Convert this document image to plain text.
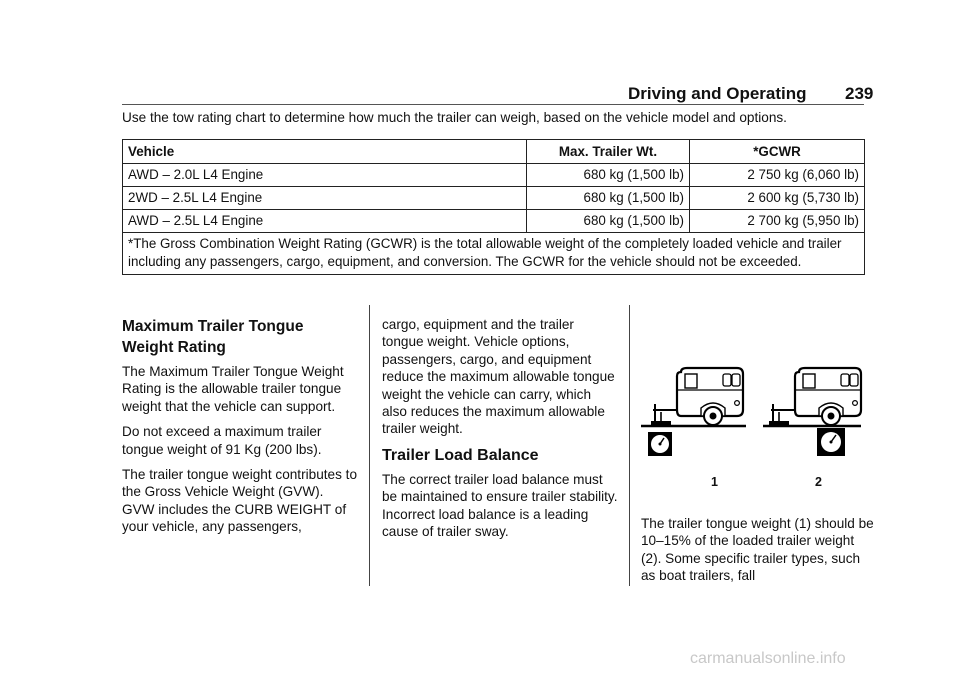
Driving and Operating 239
Use the tow rating chart to determine how much the trailer can weigh, based on the vehicle model and options.
Vehicle	Max. Trailer Wt.	*GCWR
AWD – 2.0L L4 Engine	680 kg (1,500 lb)	2 750 kg (6,060 lb)
2WD – 2.5L L4 Engine	680 kg (1,500 lb)	2 600 kg (5,730 lb)
AWD – 2.5L L4 Engine	680 kg (1,500 lb)	2 700 kg (5,950 lb)
*The Gross Combination Weight Rating (GCWR) is the total allowable weight of the completely loaded vehicle and trailer including any passengers, cargo, equipment, and conversion. The GCWR for the vehicle should not be exceeded.		
Maximum Trailer Tongue Weight Rating

The Maximum Trailer Tongue Weight Rating is the allowable trailer tongue weight that the vehicle can support.

Do not exceed a maximum trailer tongue weight of 91 Kg (200 lbs).

The trailer tongue weight contributes to the Gross Vehicle Weight (GVW). GVW includes the CURB WEIGHT of your vehicle, any passengers,

cargo, equipment and the trailer tongue weight. Vehicle options, passengers, cargo, and equipment reduce the maximum allowable tongue weight the vehicle can carry, which also reduces the maximum allowable trailer weight.

Trailer Load Balance

The correct trailer load balance must be maintained to ensure trailer stability. Incorrect load balance is a leading cause of trailer sway.

1	2

The trailer tongue weight (1) should be 10–15% of the loaded trailer weight (2). Some specific trailer types, such as boat trailers, fall

carmanualsonline.info
